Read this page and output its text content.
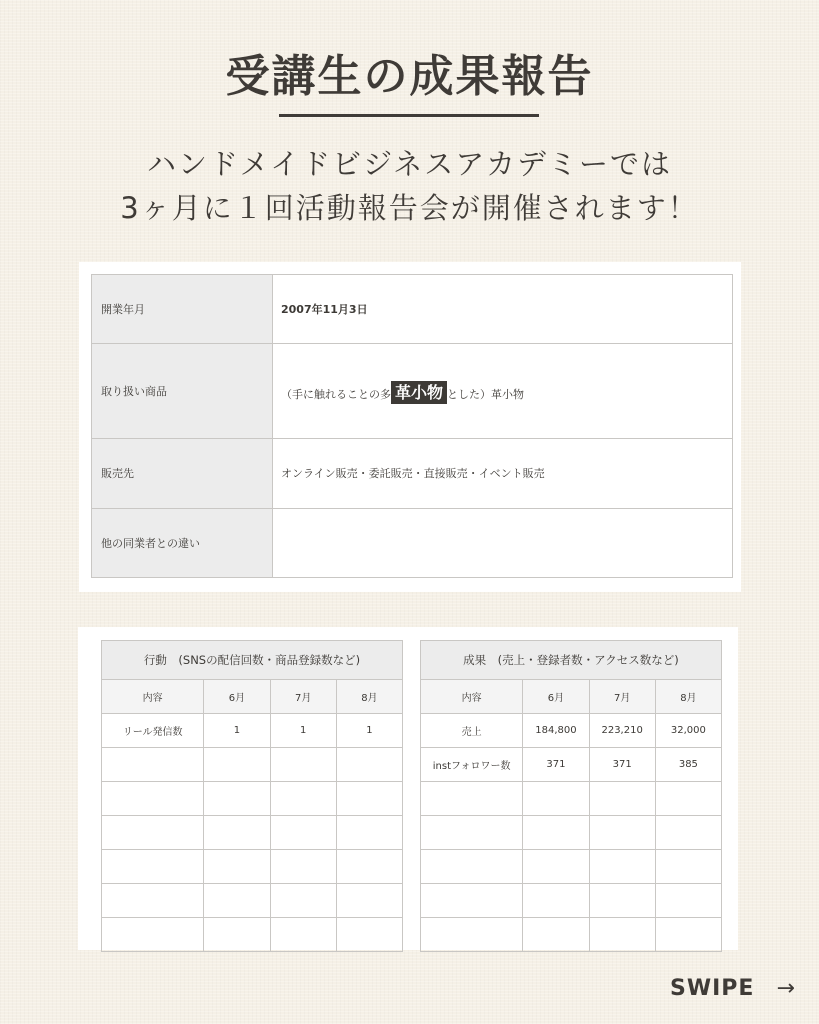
受講生の成果報告
ハンドメイドビジネスアカデミーでは
3ヶ月に１回活動報告会が開催されます！
開業年月	2007年11月3日
取り扱い商品	（手に触れることの多 革小物 とした）革小物
販売先	オンライン販売・委託販売・直接販売・イベント販売
他の同業者との違い	
行動　(SNSの配信回数・商品登録数など)			
内容	6月	7月	8月
リール発信数	1	1	1

成果　(売上・登録者数・アクセス数など)			
内容	6月	7月	8月
売上	184,800	223,210	32,000
instフォロワー数	371	371	385

SWIPE →
